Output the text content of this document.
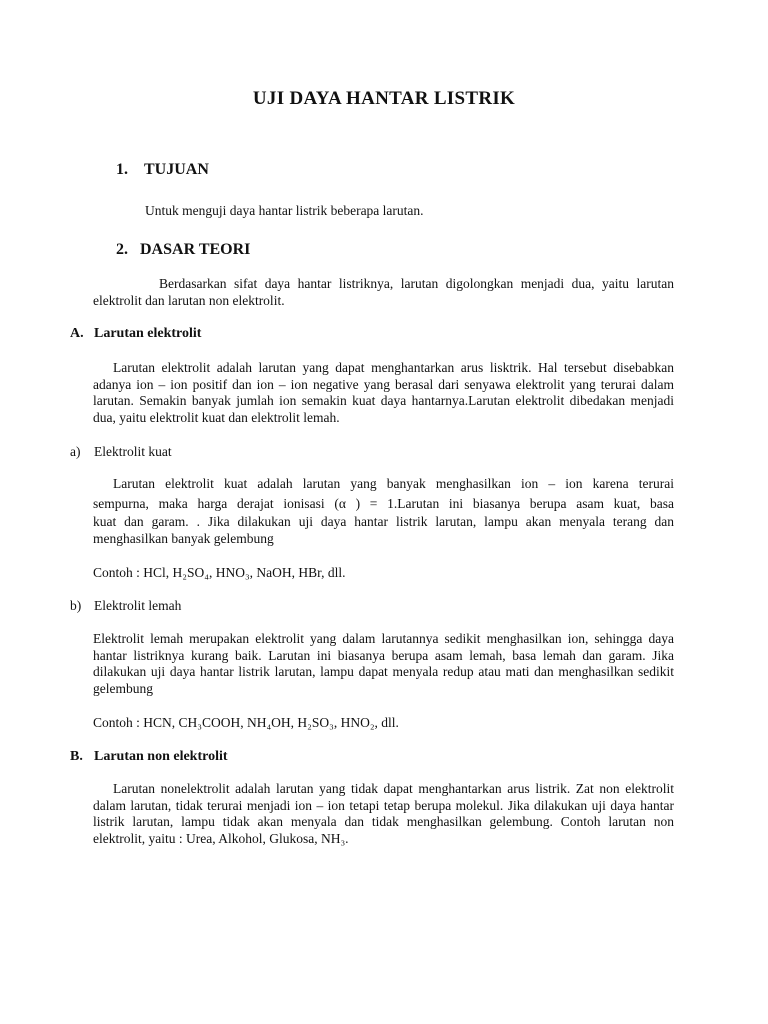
UJI DAYA HANTAR LISTRIK
1. TUJUAN
Untuk menguji daya hantar listrik beberapa larutan.
2. DASAR TEORI
Berdasarkan sifat daya hantar listriknya, larutan digolongkan menjadi dua, yaitu larutan elektrolit dan larutan non elektrolit.
A. Larutan elektrolit
Larutan elektrolit adalah larutan yang dapat menghantarkan arus lisktrik. Hal tersebut disebabkan adanya ion – ion positif dan ion – ion negative yang berasal dari senyawa elektrolit yang terurai dalam larutan. Semakin banyak jumlah ion semakin kuat daya hantarnya.Larutan elektrolit dibedakan menjadi dua, yaitu elektrolit kuat dan elektrolit lemah.
a) Elektrolit kuat
Larutan elektrolit kuat adalah larutan yang banyak menghasilkan ion – ion karena terurai
sempurna, maka harga derajat ionisasi (α ) = 1.Larutan ini biasanya berupa asam kuat, basa
kuat dan garam. . Jika dilakukan uji daya hantar listrik larutan, lampu akan menyala terang dan menghasilkan banyak gelembung
Contoh : HCl, H₂SO₄, HNO₃, NaOH, HBr, dll.
b) Elektrolit lemah
Elektrolit lemah merupakan elektrolit yang dalam larutannya sedikit menghasilkan ion, sehingga daya hantar listriknya kurang baik. Larutan ini biasanya berupa asam lemah, basa lemah dan garam. Jika dilakukan uji daya hantar listrik larutan, lampu dapat menyala redup atau mati dan menghasilkan sedikit gelembung
Contoh : HCN, CH₃COOH, NH₄OH, H₂SO₃, HNO₂, dll.
B. Larutan non elektrolit
Larutan nonelektrolit adalah larutan yang tidak dapat menghantarkan arus listrik. Zat non elektrolit dalam larutan, tidak terurai menjadi ion – ion tetapi tetap berupa molekul. Jika dilakukan uji daya hantar listrik larutan, lampu tidak akan menyala dan tidak menghasilkan gelembung. Contoh larutan non elektrolit, yaitu : Urea, Alkohol, Glukosa, NH₃.
